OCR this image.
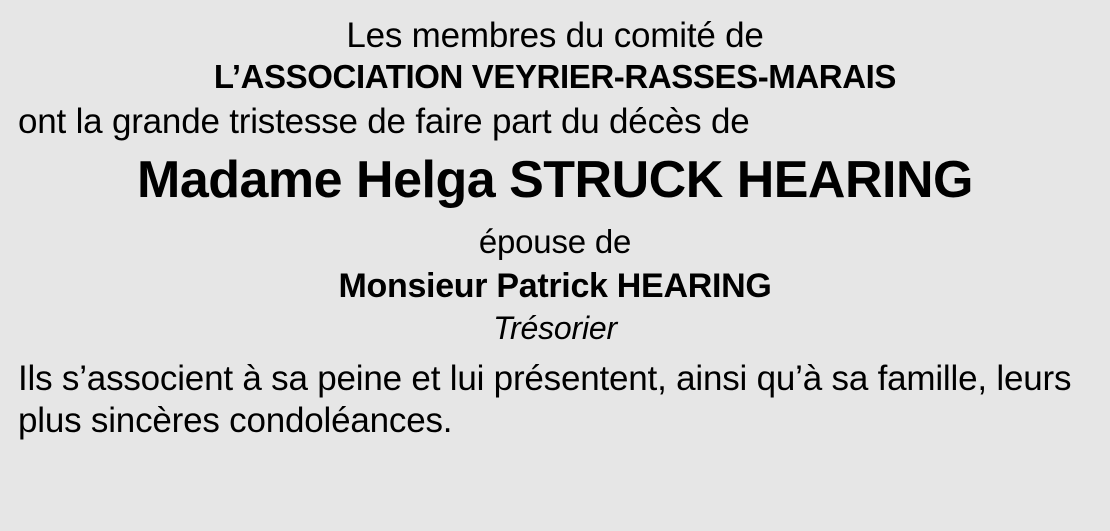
Les membres du comité de
L’ASSOCIATION VEYRIER-RASSES-MARAIS
ont la grande tristesse de faire part du décès de
Madame Helga STRUCK HEARING
épouse de
Monsieur Patrick HEARING
Trésorier
Ils s’associent à sa peine et lui présentent, ainsi qu’à sa famille, leurs plus sincères condoléances.
